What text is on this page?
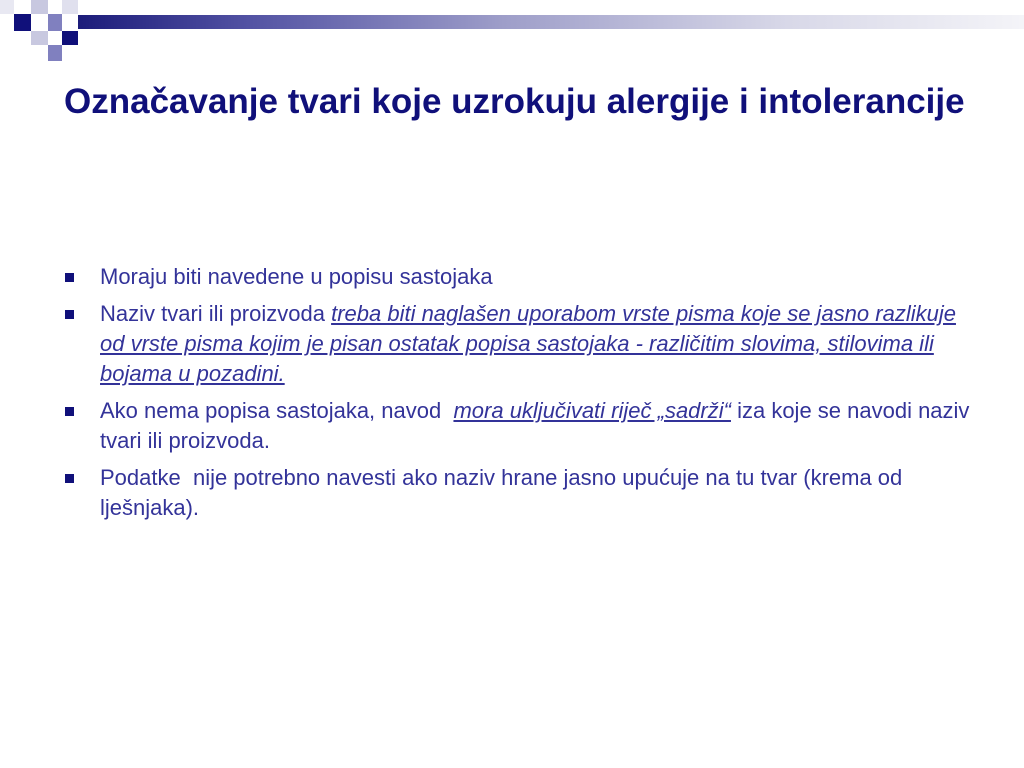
Označavanje tvari koje uzrokuju alergije i intolerancije
Moraju biti navedene u popisu sastojaka
Naziv tvari ili proizvoda treba biti naglašen uporabom vrste pisma koje se jasno razlikuje od vrste pisma kojim je pisan ostatak popisa sastojaka - različitim slovima, stilovima ili bojama u pozadini.
Ako nema popisa sastojaka, navod  mora uključivati riječ „sadrži“ iza koje se navodi naziv tvari ili proizvoda.
Podatke  nije potrebno navesti ako naziv hrane jasno upućuje na tu tvar (krema od lješnjaka).
